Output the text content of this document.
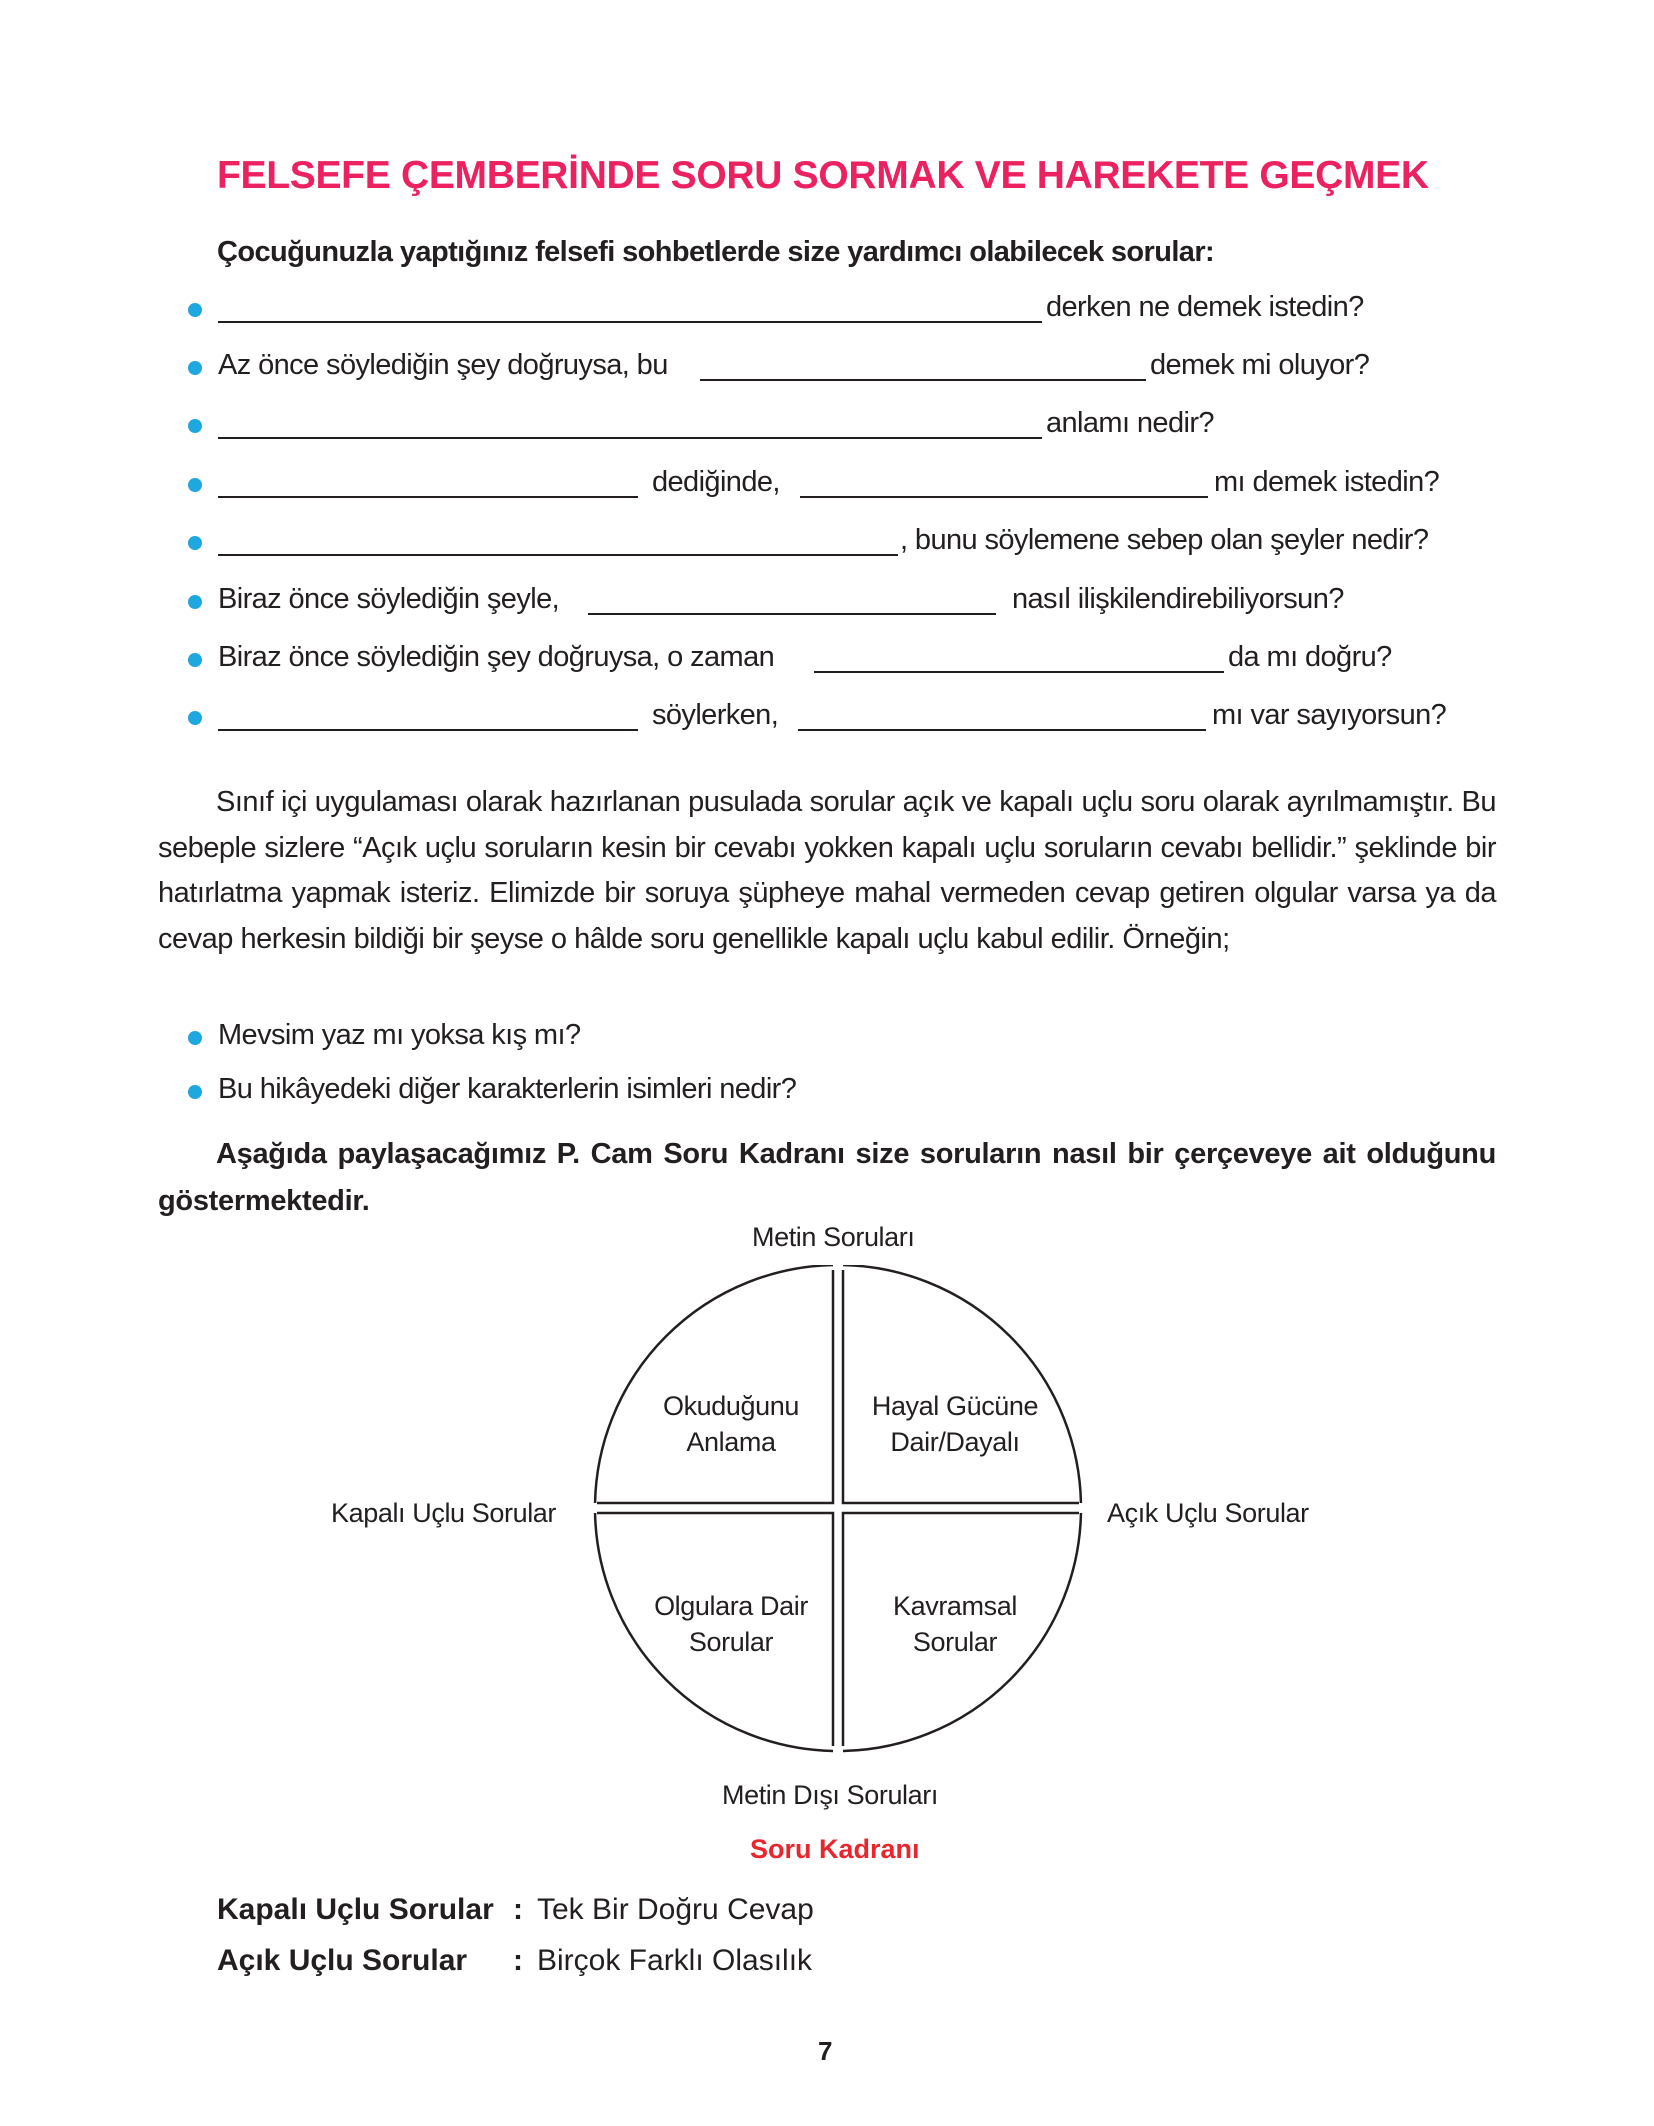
FELSEFE ÇEMBERİNDE SORU SORMAK VE HAREKETE GEÇMEK
Çocuğunuzla yaptığınız felsefi sohbetlerde size yardımcı olabilecek sorular:
derken ne demek istedin?
Az önce söylediğin şey doğruysa, bu	demek mi oluyor?
anlamı nedir?
dediğinde,	mı demek istedin?
, bunu söylemene sebep olan şeyler nedir?
Biraz önce söylediğin şeyle,	nasıl ilişkilendirebiliyorsun?
Biraz önce söylediğin şey doğruysa, o zaman	da mı doğru?
söylerken,	mı var sayıyorsun?
Sınıf içi uygulaması olarak hazırlanan pusulada sorular açık ve kapalı uçlu soru olarak ayrılmamıştır. Bu sebeple sizlere “Açık uçlu soruların kesin bir cevabı yokken kapalı uçlu soruların cevabı bellidir.” şeklinde bir hatırlatma yapmak isteriz. Elimizde bir soruya şüpheye mahal vermeden cevap getiren olgular varsa ya da cevap herkesin bildiği bir şeyse o hâlde soru genellikle kapalı uçlu kabul edilir. Örneğin;
Mevsim yaz mı yoksa kış mı?
Bu hikâyedeki diğer karakterlerin isimleri nedir?
Aşağıda paylaşacağımız P. Cam Soru Kadranı size soruların nasıl bir çerçeveye ait olduğunu göstermektedir.
Metin Soruları
Metin Dışı Soruları
Kapalı Uçlu Sorular	Açık Uçlu Sorular
Okuduğunu
Anlama
Hayal Gücüne
Dair/Dayalı
Olgulara Dair
Sorular
Kavramsal
Sorular
Soru Kadranı
Kapalı Uçlu Sorular : Tek Bir Doğru Cevap
Açık Uçlu Sorular : Birçok Farklı Olasılık
7
